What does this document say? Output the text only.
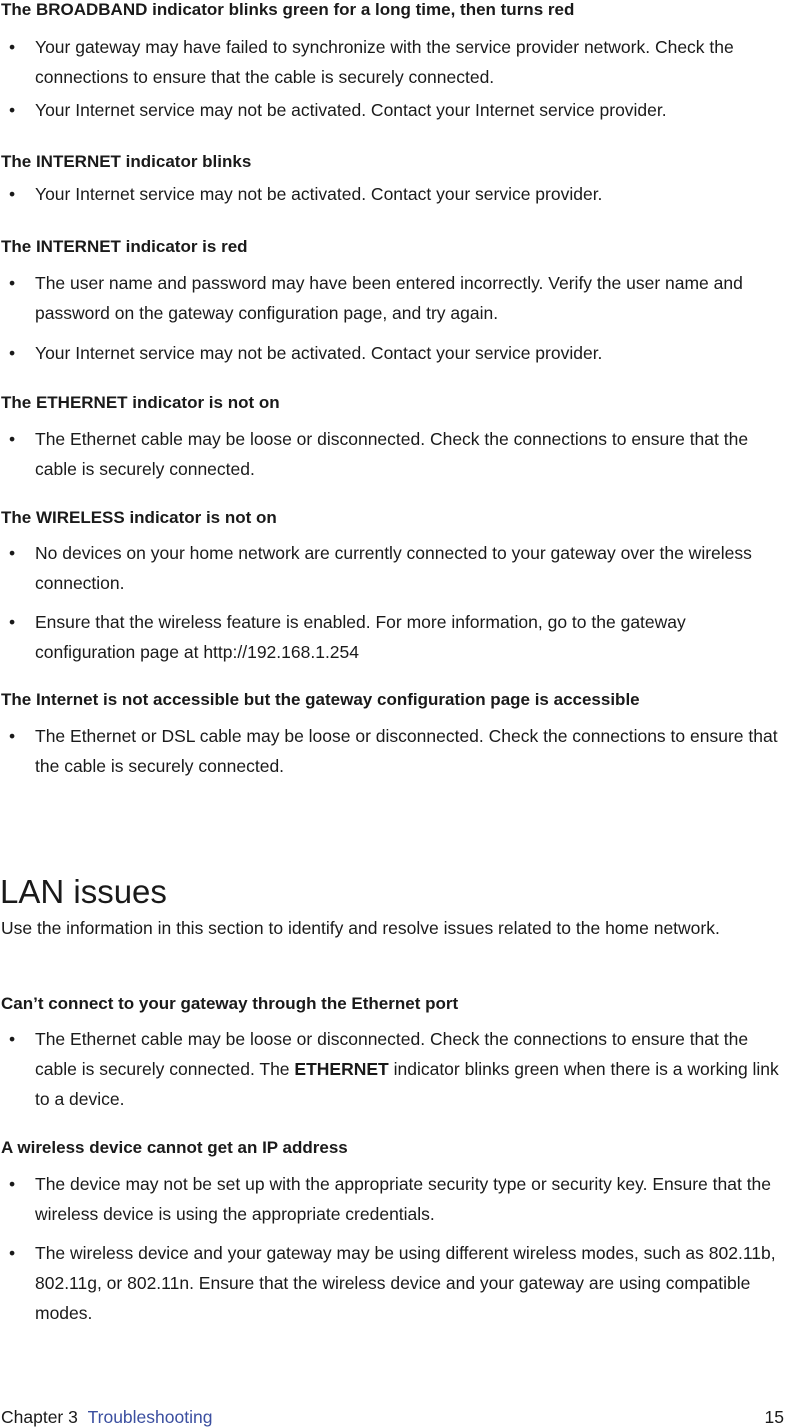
The BROADBAND indicator blinks green for a long time, then turns red
• Your gateway may have failed to synchronize with the service provider network. Check the connections to ensure that the cable is securely connected.
• Your Internet service may not be activated. Contact your Internet service provider.
The INTERNET indicator blinks
• Your Internet service may not be activated. Contact your service provider.
The INTERNET indicator is red
• The user name and password may have been entered incorrectly. Verify the user name and password on the gateway configuration page, and try again.
• Your Internet service may not be activated. Contact your service provider.
The ETHERNET indicator is not on
• The Ethernet cable may be loose or disconnected. Check the connections to ensure that the cable is securely connected.
The WIRELESS indicator is not on
• No devices on your home network are currently connected to your gateway over the wireless connection.
• Ensure that the wireless feature is enabled. For more information, go to the gateway configuration page at http://192.168.1.254
The Internet is not accessible but the gateway configuration page is accessible
• The Ethernet or DSL cable may be loose or disconnected. Check the connections to ensure that the cable is securely connected.
LAN issues
Use the information in this section to identify and resolve issues related to the home network.
Can’t connect to your gateway through the Ethernet port
• The Ethernet cable may be loose or disconnected. Check the connections to ensure that the cable is securely connected. The ETHERNET indicator blinks green when there is a working link to a device.
A wireless device cannot get an IP address
• The device may not be set up with the appropriate security type or security key. Ensure that the wireless device is using the appropriate credentials.
• The wireless device and your gateway may be using different wireless modes, such as 802.11b, 802.11g, or 802.11n. Ensure that the wireless device and your gateway are using compatible modes.
Chapter 3 Troubleshooting	15
